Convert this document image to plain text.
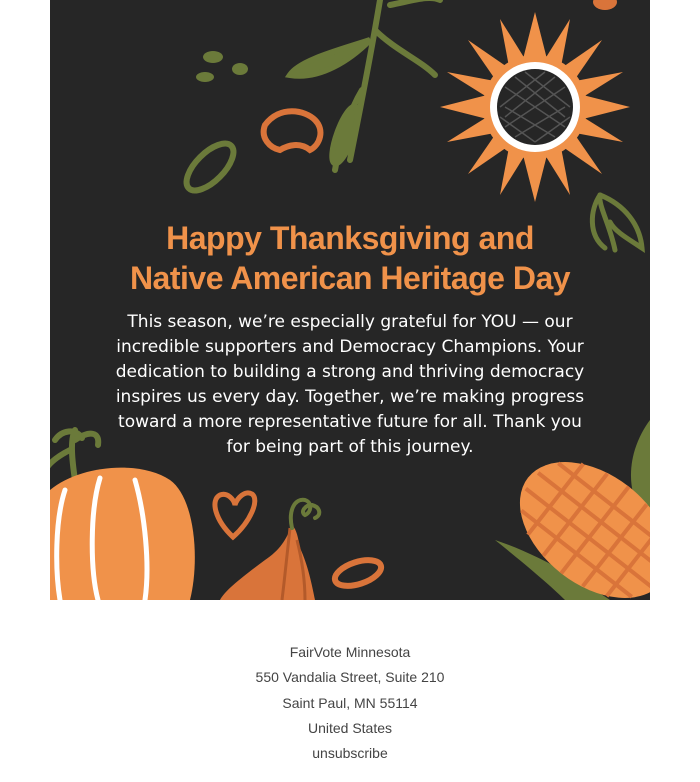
Happy Thanksgiving and
Native American Heritage Day
This season, we’re especially grateful for YOU — our incredible supporters and Democracy Champions. Your dedication to building a strong and thriving democracy inspires us every day. Together, we’re making progress toward a more representative future for all. Thank you for being part of this journey.
FairVote Minnesota
550 Vandalia Street, Suite 210
Saint Paul, MN 55114
United States
unsubscribe
